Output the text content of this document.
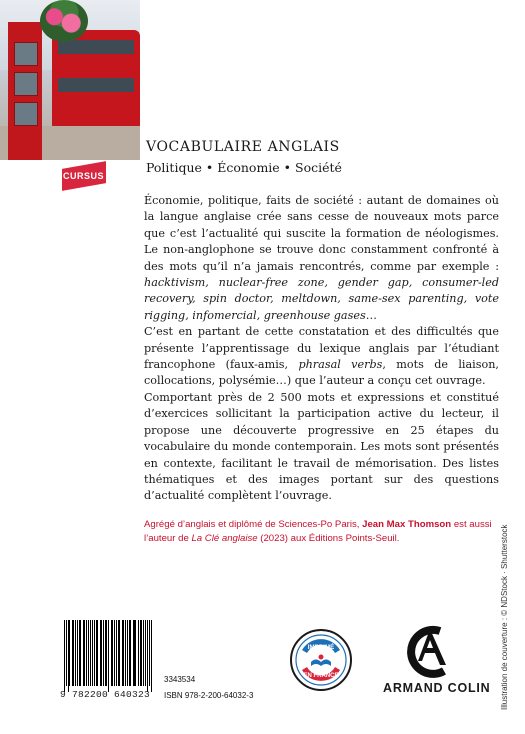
CURSUS
VOCABULAIRE ANGLAIS
Politique • Économie • Société

Économie, politique, faits de société : autant de domaines où la langue anglaise crée sans cesse de nouveaux mots parce que c’est l’actualité qui suscite la formation de néologismes. Le non-anglophone se trouve donc constamment confronté à des mots qu’il n’a jamais rencontrés, comme par exemple : hacktivism, nuclear-free zone, gender gap, consumer-led recovery, spin doctor, meltdown, same-sex parenting, vote rigging, infomercial, greenhouse gases…

C’est en partant de cette constatation et des difficultés que présente l’apprentissage du lexique anglais par l’étudiant francophone (faux-amis, phrasal verbs, mots de liaison, collocations, polysémie…) que l’auteur a conçu cet ouvrage.

Comportant près de 2 500 mots et expressions et constitué d’exercices sollicitant la participation active du lecteur, il propose une découverte progressive en 25 étapes du vocabulaire du monde contemporain. Les mots sont présentés en contexte, facilitant le travail de mémorisation. Des listes thématiques et des images portant sur des questions d’actualité complètent l’ouvrage.

Agrégé d’anglais et diplômé de Sciences-Po Paris, Jean Max Thomson est aussi l’auteur de La Clé anglaise (2023) aux Éditions Points-Seuil.	Illustration de couverture : © NDStock · Shutterstock
9 782200 640323
3343534
ISBN 978-2-200-64032-3
IMPRIMÉ
EN FRANCE
ARMAND COLIN
